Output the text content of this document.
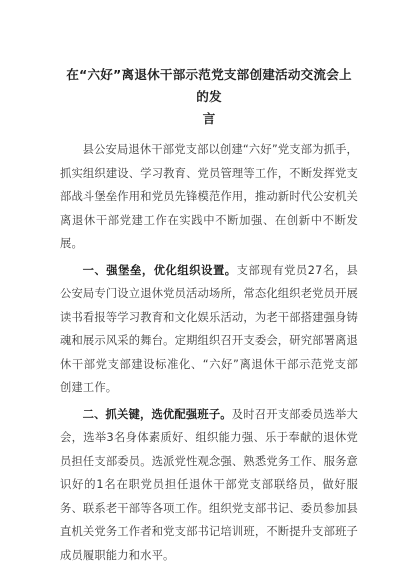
在“六好”离退休干部示范党支部创建活动交流会上的发
言

县公安局退休干部党支部以创建“六好”党支部为抓手，抓实组织建设、学习教育、党员管理等工作，不断发挥党支部战斗堡垒作用和党员先锋模范作用，推动新时代公安机关离退休干部党建工作在实践中不断加强、在创新中不断发展。

一、强堡垒，优化组织设置。支部现有党员27名，县公安局专门设立退休党员活动场所，常态化组织老党员开展读书看报等学习教育和文化娱乐活动，为老干部搭建强身铸魂和展示风采的舞台。定期组织召开支委会，研究部署离退休干部党支部建设标准化、“六好”离退休干部示范党支部创建工作。

二、抓关键，选优配强班子。及时召开支部委员选举大会，选举3名身体素质好、组织能力强、乐于奉献的退休党员担任支部委员。选派党性观念强、熟悉党务工作、服务意识好的1名在职党员担任退休干部党支部联络员，做好服务、联系老干部等各项工作。组织党支部书记、委员参加县直机关党务工作者和党支部书记培训班，不断提升支部班子成员履职能力和水平。
